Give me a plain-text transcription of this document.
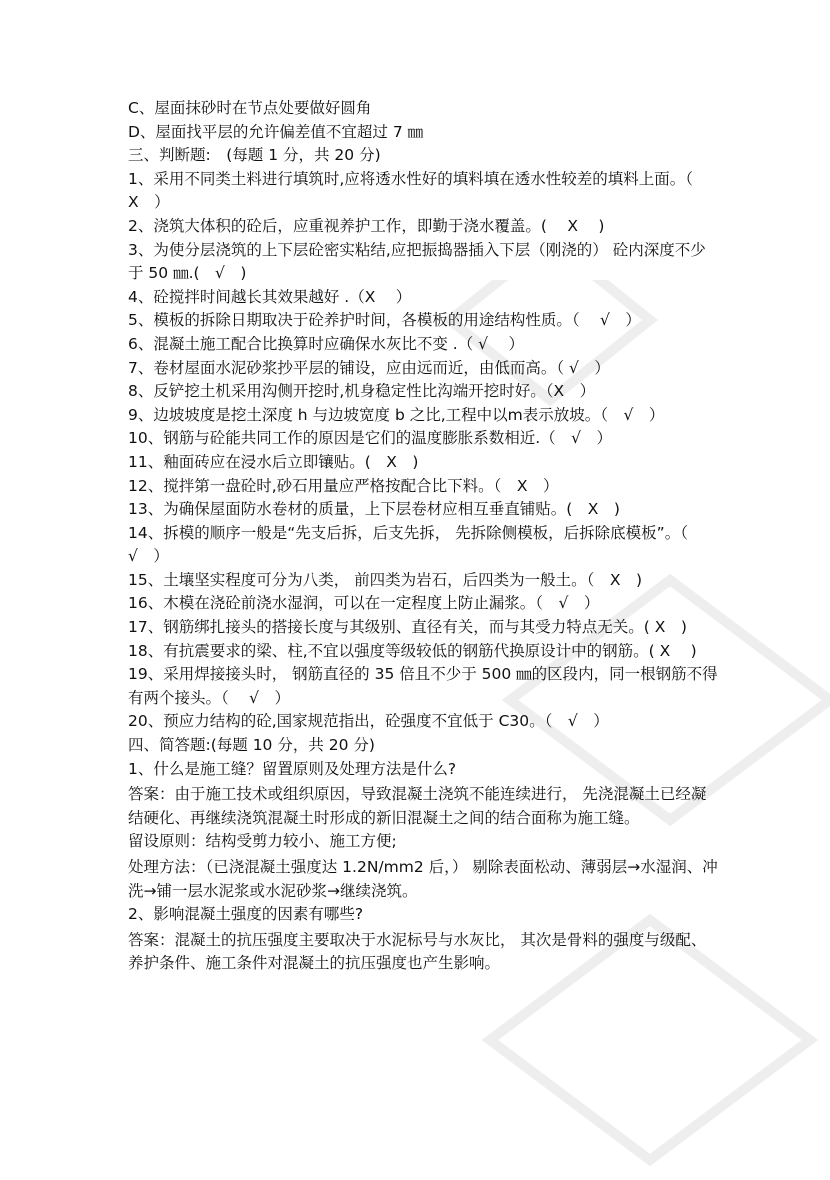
C、屋面抹砂时在节点处要做好圆角
D、屋面找平层的允许偏差值不宜超过 7 ㎜
三、判断题:　(每题 1 分，共 20 分)
1、采用不同类土料进行填筑时,应将透水性好的填料填在透水性较差的填料上面。（　X　）
2、浇筑大体积的砼后，应重视养护工作，即勤于浇水覆盖。(　 X　 )
3、为使分层浇筑的上下层砼密实粘结,应把振捣器插入下层（刚浇的） 砼内深度不少于 50 ㎜.(　√　)
4、砼搅拌时间越长其效果越好 .（X　 ）
5、模板的拆除日期取决于砼养护时间，各模板的用途结构性质。（　 √　）
6、混凝土施工配合比换算时应确保水灰比不变 .（ √　 ）
7、卷材屋面水泥砂浆抄平层的铺设，应由远而近，由低而高。（ √　）
8、反铲挖土机采用沟侧开挖时,机身稳定性比沟端开挖时好。（X　）
9、边坡坡度是挖土深度 h 与边坡宽度 b 之比,工程中以m表示放坡。（　√　）
10、钢筋与砼能共同工作的原因是它们的温度膨胀系数相近.（　√　）
11、釉面砖应在浸水后立即镶贴。(　X　)
12、搅拌第一盘砼时,砂石用量应严格按配合比下料。（　X　）
13、为确保屋面防水卷材的质量，上下层卷材应相互垂直铺贴。(　X　)
14、拆模的顺序一般是“先支后拆，后支先拆， 先拆除侧模板，后拆除底模板”。（ √　）
15、土壤坚实程度可分为八类， 前四类为岩石，后四类为一般土。（　X　)
16、木模在浇砼前浇水湿润，可以在一定程度上防止漏浆。（　√　）
17、钢筋绑扎接头的搭接长度与其级别、直径有关，而与其受力特点无关。( X　)
18、有抗震要求的梁、柱,不宜以强度等级较低的钢筋代换原设计中的钢筋。( X　 )
19、采用焊接接头时， 钢筋直径的 35 倍且不少于 500 ㎜的区段内，同一根钢筋不得有两个接头。（　 √　）
20、预应力结构的砼,国家规范指出，砼强度不宜低于 C30。（　√　）
四、简答题:(每题 10 分，共 20 分)
1、什么是施工缝？留置原则及处理方法是什么?
答案：由于施工技术或组织原因，导致混凝土浇筑不能连续进行， 先浇混凝土已经凝结硬化、再继续浇筑混凝土时形成的新旧混凝土之间的结合面称为施工缝。
留设原则：结构受剪力较小、施工方便;
处理方法：（已浇混凝土强度达 1.2N/mm2 后，） 剔除表面松动、薄弱层→水湿润、冲洗→铺一层水泥浆或水泥砂浆→继续浇筑。
2、影响混凝土强度的因素有哪些?
答案：混凝土的抗压强度主要取决于水泥标号与水灰比， 其次是骨料的强度与级配、养护条件、施工条件对混凝土的抗压强度也产生影响。
